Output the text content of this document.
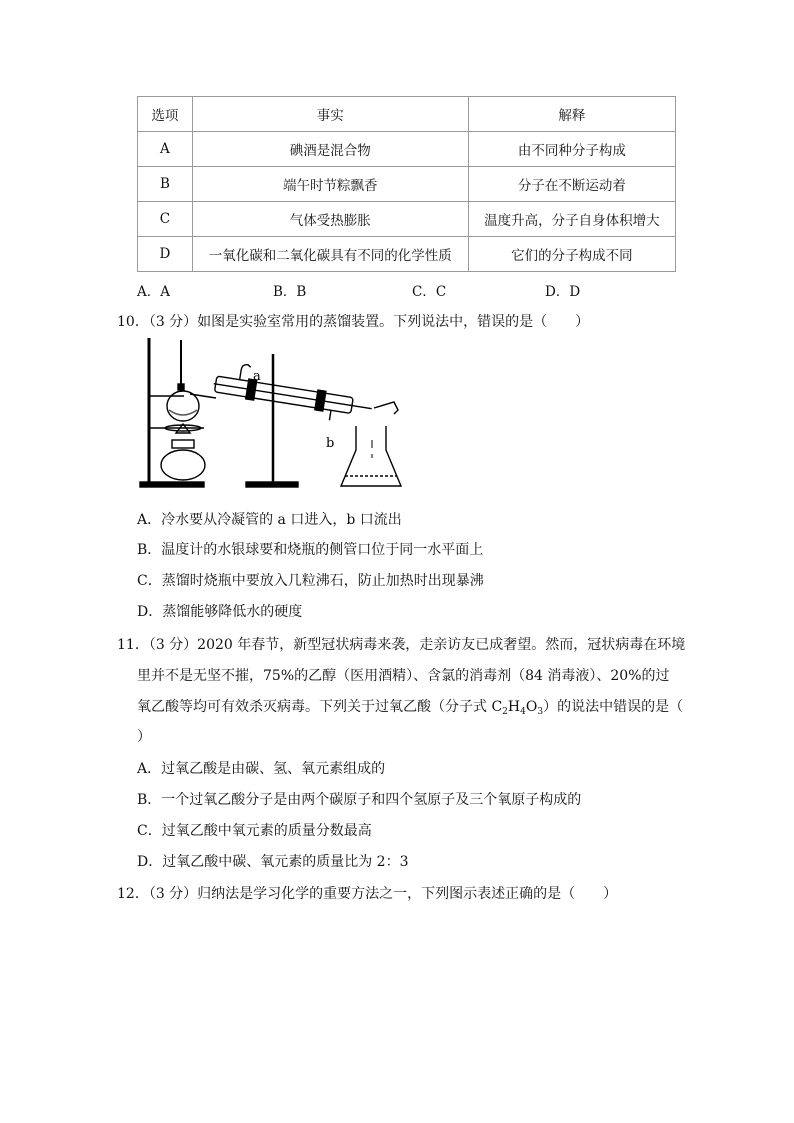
选项	事实	解释
A	碘酒是混合物	由不同种分子构成
B	端午时节粽飘香	分子在不断运动着
C	气体受热膨胀	温度升高，分子自身体积增大
D	一氧化碳和二氧化碳具有不同的化学性质	它们的分子构成不同
A．A	B．B	C．C	D．D
10．（3 分）如图是实验室常用的蒸馏装置。下列说法中，错误的是（　　）
a
b
A．冷水要从冷凝管的 a 口进入，b 口流出
B．温度计的水银球要和烧瓶的侧管口位于同一水平面上
C．蒸馏时烧瓶中要放入几粒沸石，防止加热时出现暴沸
D．蒸馏能够降低水的硬度
11．（3 分）2020 年春节，新型冠状病毒来袭，走亲访友已成奢望。然而，冠状病毒在环境
里并不是无坚不摧，75%的乙醇（医用酒精）、含氯的消毒剂（84 消毒液）、20%的过
氧乙酸等均可有效杀灭病毒。下列关于过氧乙酸（分子式 $C_2H_4O_3$）的说法中错误的是（
）
A．过氧乙酸是由碳、氢、氧元素组成的
B．一个过氧乙酸分子是由两个碳原子和四个氢原子及三个氧原子构成的
C．过氧乙酸中氧元素的质量分数最高
D．过氧乙酸中碳、氧元素的质量比为 2：3
12．（3 分）归纳法是学习化学的重要方法之一，下列图示表述正确的是（　　）
